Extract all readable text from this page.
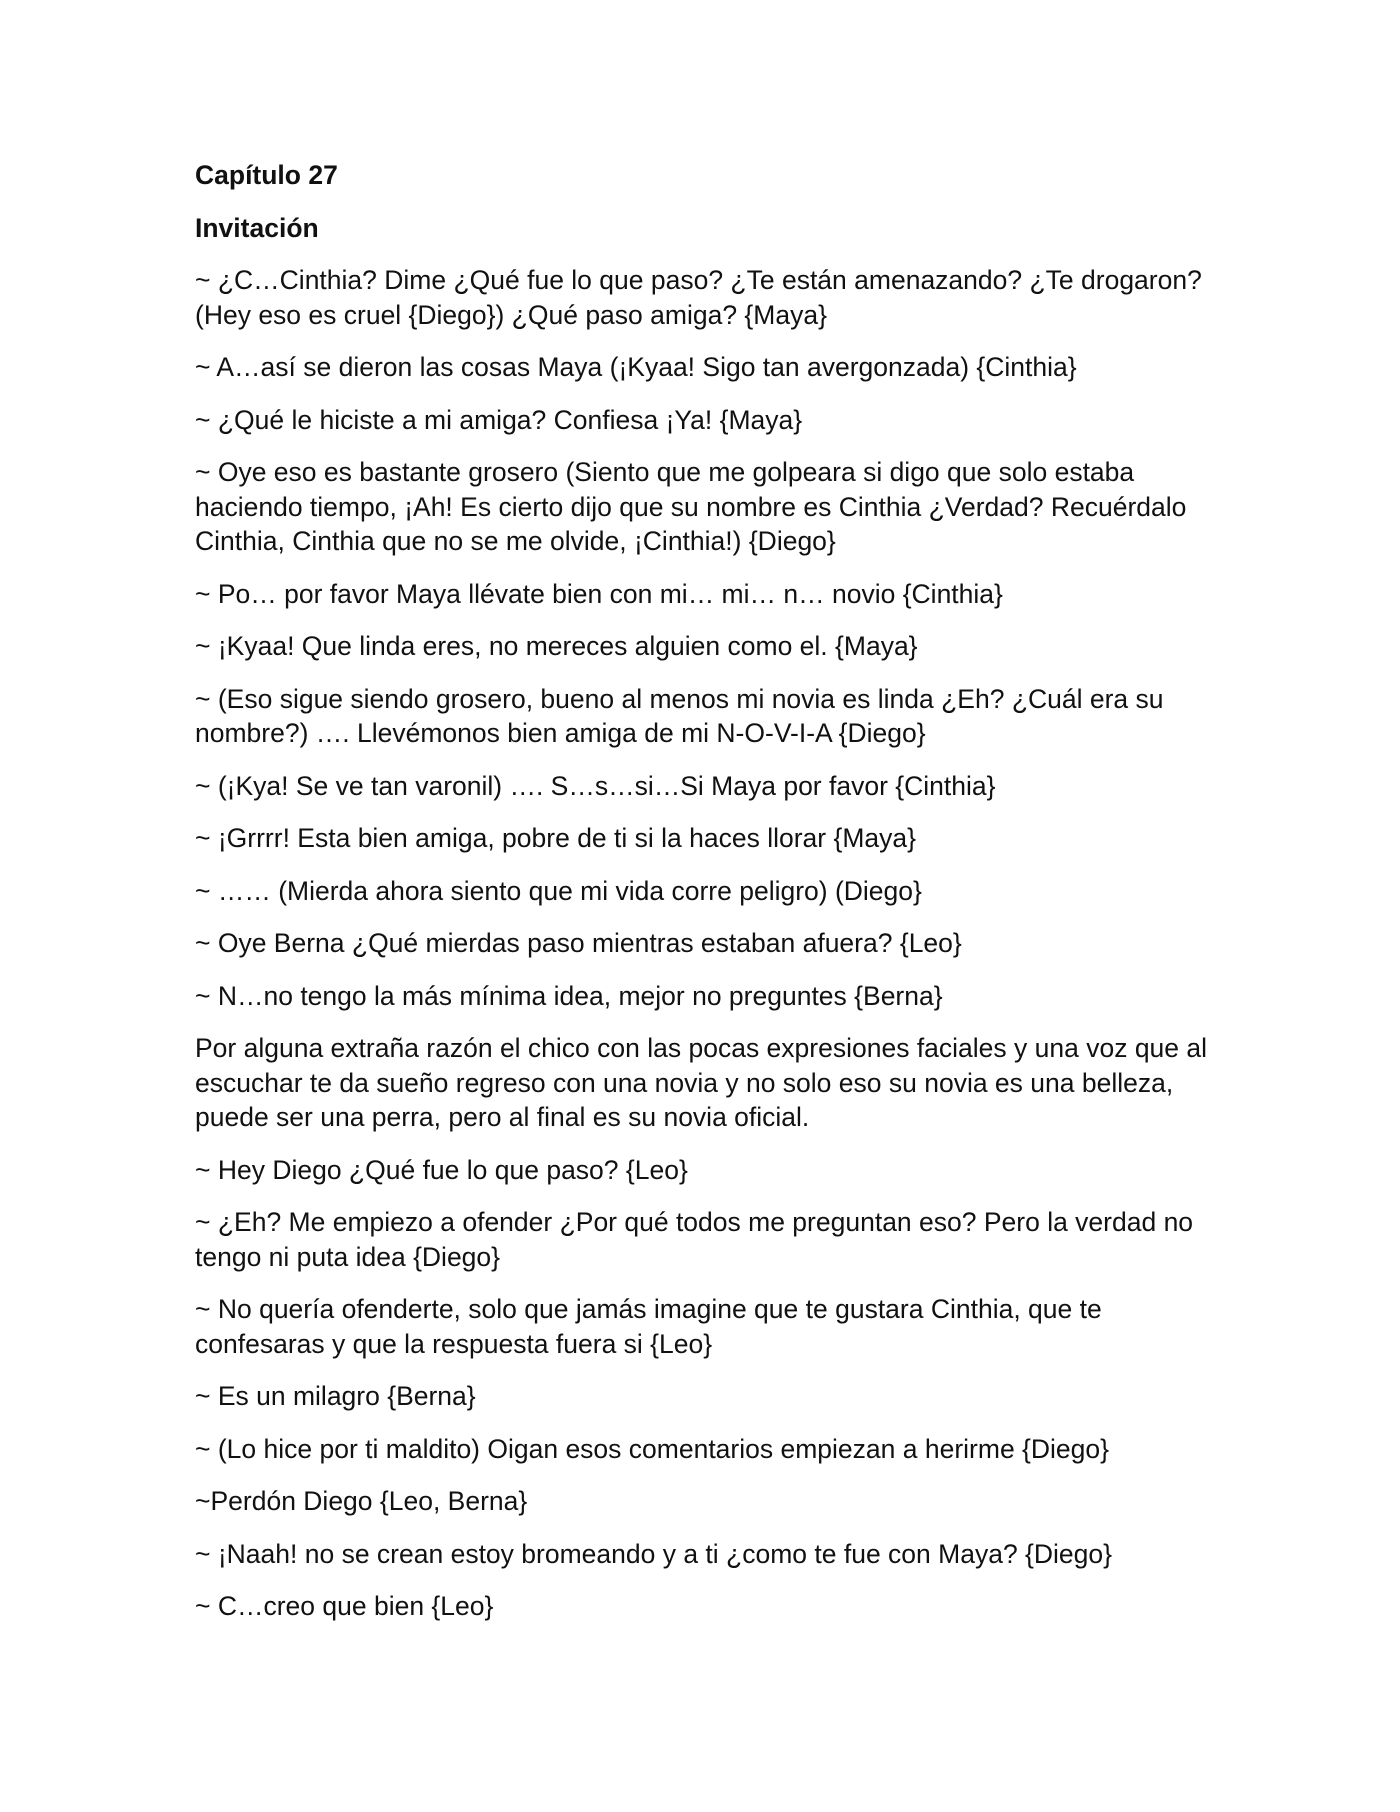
Capítulo 27
Invitación

~ ¿C…Cinthia? Dime ¿Qué fue lo que paso? ¿Te están amenazando? ¿Te drogaron? (Hey eso es cruel {Diego}) ¿Qué paso amiga? {Maya}

~ A…así se dieron las cosas Maya (¡Kyaa! Sigo tan avergonzada) {Cinthia}

~ ¿Qué le hiciste a mi amiga? Confiesa ¡Ya! {Maya}

~ Oye eso es bastante grosero (Siento que me golpeara si digo que solo estaba haciendo tiempo, ¡Ah! Es cierto dijo que su nombre es Cinthia ¿Verdad? Recuérdalo Cinthia, Cinthia que no se me olvide, ¡Cinthia!) {Diego}

~ Po… por favor Maya llévate bien con mi… mi… n… novio {Cinthia}

~ ¡Kyaa! Que linda eres, no mereces alguien como el. {Maya}

~ (Eso sigue siendo grosero, bueno al menos mi novia es linda ¿Eh? ¿Cuál era su nombre?) …. Llevémonos bien amiga de mi N-O-V-I-A {Diego}

~ (¡Kya! Se ve tan varonil) …. S…s…si…Si Maya por favor {Cinthia}

~ ¡Grrrr! Esta bien amiga, pobre de ti si la haces llorar {Maya}

~ …… (Mierda ahora siento que mi vida corre peligro) (Diego}

~ Oye Berna ¿Qué mierdas paso mientras estaban afuera? {Leo}

~ N…no tengo la más mínima idea, mejor no preguntes {Berna}

Por alguna extraña razón el chico con las pocas expresiones faciales y una voz que al escuchar te da sueño regreso con una novia y no solo eso su novia es una belleza, puede ser una perra, pero al final es su novia oficial.

~ Hey Diego ¿Qué fue lo que paso? {Leo}

~ ¿Eh? Me empiezo a ofender ¿Por qué todos me preguntan eso? Pero la verdad no tengo ni puta idea {Diego}

~ No quería ofenderte, solo que jamás imagine que te gustara Cinthia, que te confesaras y que la respuesta fuera si {Leo}

~ Es un milagro {Berna}

~ (Lo hice por ti maldito) Oigan esos comentarios empiezan a herirme {Diego}

~Perdón Diego {Leo, Berna}

~ ¡Naah! no se crean estoy bromeando y a ti ¿como te fue con Maya? {Diego}

~ C…creo que bien {Leo}
